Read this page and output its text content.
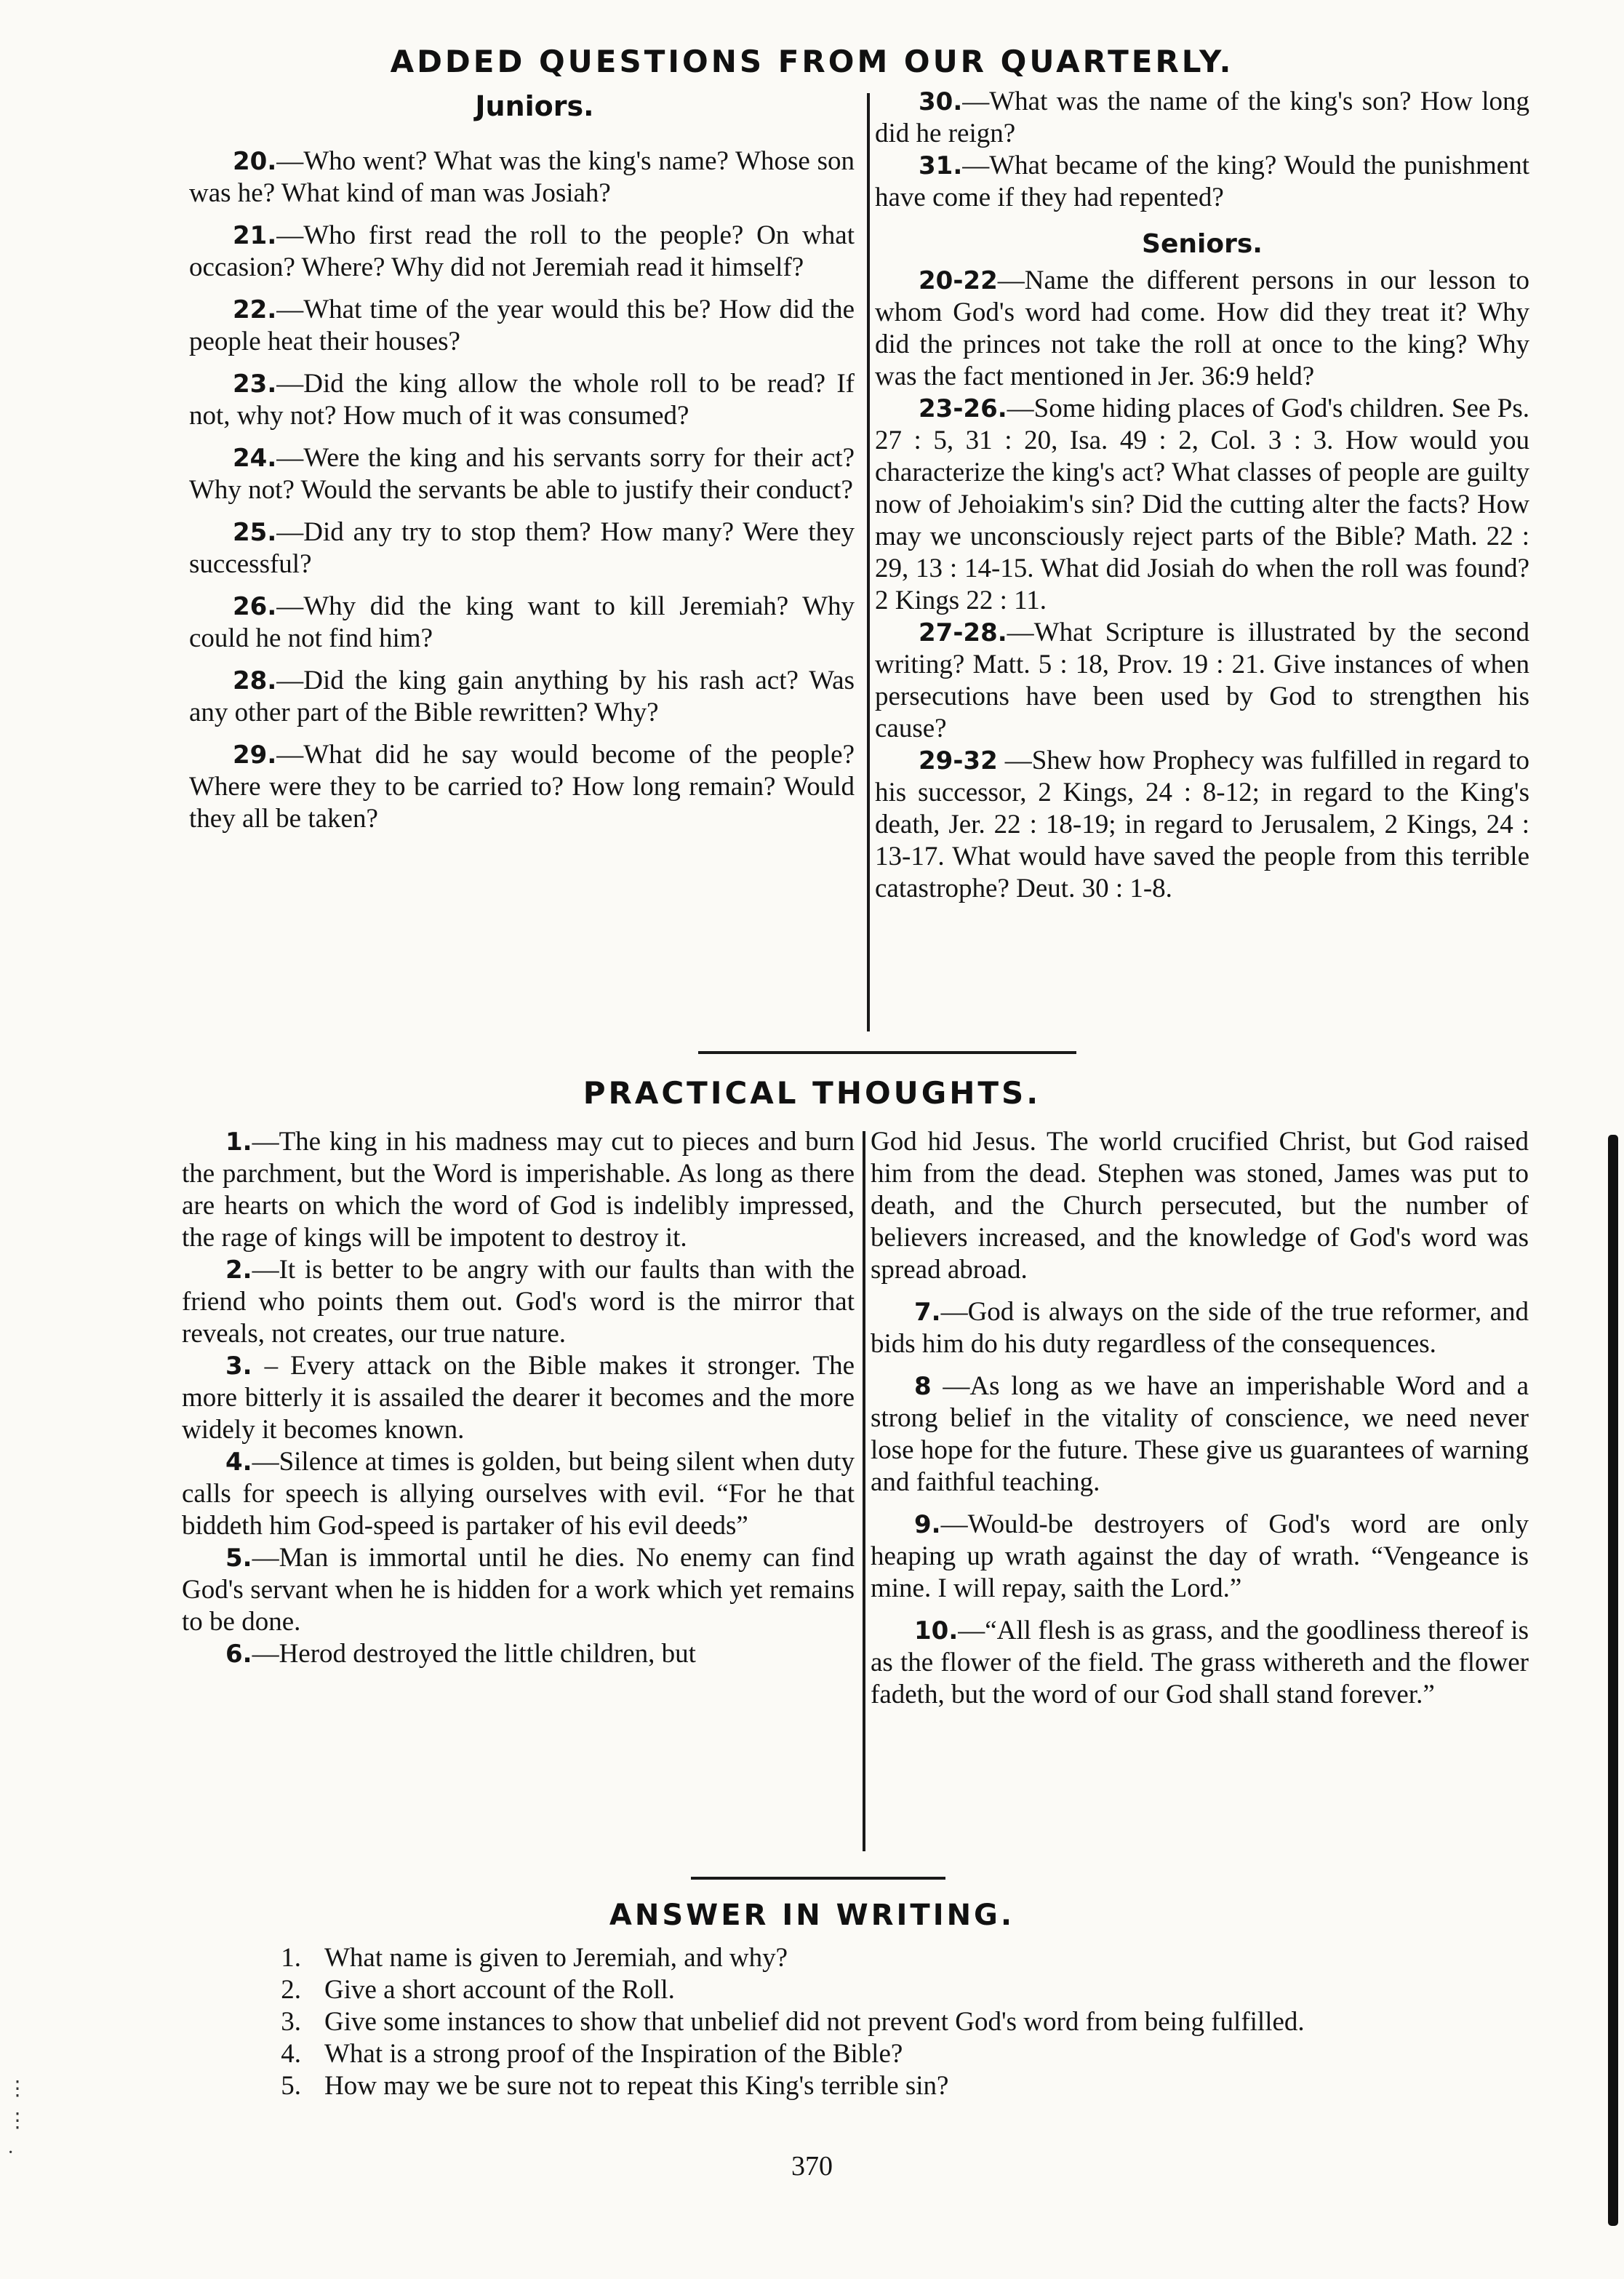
ADDED QUESTIONS FROM OUR QUARTERLY.
Juniors.

20.—Who went? What was the king's name? Whose son was he? What kind of man was Josiah?

21.—Who first read the roll to the people? On what occasion? Where? Why did not Jeremiah read it himself?

22.—What time of the year would this be? How did the people heat their houses?

23.—Did the king allow the whole roll to be read? If not, why not? How much of it was consumed?

24.—Were the king and his servants sorry for their act? Why not? Would the servants be able to justify their conduct?

25.—Did any try to stop them? How many? Were they successful?

26.—Why did the king want to kill Jeremiah? Why could he not find him?

28.—Did the king gain anything by his rash act? Was any other part of the Bible rewritten? Why?

29.—What did he say would become of the people? Where were they to be carried to? How long remain? Would they all be taken?

30.—What was the name of the king's son? How long did he reign?

31.—What became of the king? Would the punishment have come if they had repented?

Seniors.

20-22—Name the different persons in our lesson to whom God's word had come. How did they treat it? Why did the princes not take the roll at once to the king? Why was the fact mentioned in Jer. 36:9 held?

23-26.—Some hiding places of God's children. See Ps. 27 : 5, 31 : 20, Isa. 49 : 2, Col. 3 : 3. How would you characterize the king's act? What classes of people are guilty now of Jehoiakim's sin? Did the cutting alter the facts? How may we unconsciously reject parts of the Bible? Math. 22 : 29, 13 : 14-15. What did Josiah do when the roll was found? 2 Kings 22 : 11.

27-28.—What Scripture is illustrated by the second writing? Matt. 5 : 18, Prov. 19 : 21. Give instances of when persecutions have been used by God to strengthen his cause?

29-32 —Shew how Prophecy was fulfilled in regard to his successor, 2 Kings, 24 : 8-12; in regard to the King's death, Jer. 22 : 18-19; in regard to Jerusalem, 2 Kings, 24 : 13-17. What would have saved the people from this terrible catastrophe? Deut. 30 : 1-8.

PRACTICAL THOUGHTS.

1.—The king in his madness may cut to pieces and burn the parchment, but the Word is imperishable. As long as there are hearts on which the word of God is indelibly impressed, the rage of kings will be impotent to destroy it.

2.—It is better to be angry with our faults than with the friend who points them out. God's word is the mirror that reveals, not creates, our true nature.

3. – Every attack on the Bible makes it stronger. The more bitterly it is assailed the dearer it becomes and the more widely it becomes known.

4.—Silence at times is golden, but being silent when duty calls for speech is allying ourselves with evil. “For he that biddeth him God-speed is partaker of his evil deeds”

5.—Man is immortal until he dies. No enemy can find God's servant when he is hidden for a work which yet remains to be done.

6.—Herod destroyed the little children, but

God hid Jesus. The world crucified Christ, but God raised him from the dead. Stephen was stoned, James was put to death, and the Church persecuted, but the number of believers increased, and the knowledge of God's word was spread abroad.

7.—God is always on the side of the true reformer, and bids him do his duty regardless of the consequences.

8 —As long as we have an imperishable Word and a strong belief in the vitality of conscience, we need never lose hope for the future. These give us guarantees of warning and faithful teaching.

9.—Would-be destroyers of God's word are only heaping up wrath against the day of wrath. “Vengeance is mine. I will repay, saith the Lord.”

10.—“All flesh is as grass, and the goodliness thereof is as the flower of the field. The grass withereth and the flower fadeth, but the word of our God shall stand forever.”

ANSWER IN WRITING.
1. What name is given to Jeremiah, and why?
2. Give a short account of the Roll.
3. Give some instances to show that unbelief did not prevent God's word from being fulfilled.
4. What is a strong proof of the Inspiration of the Bible?
5. How may we be sure not to repeat this King's terrible sin?
370
⋮
⋮
·
